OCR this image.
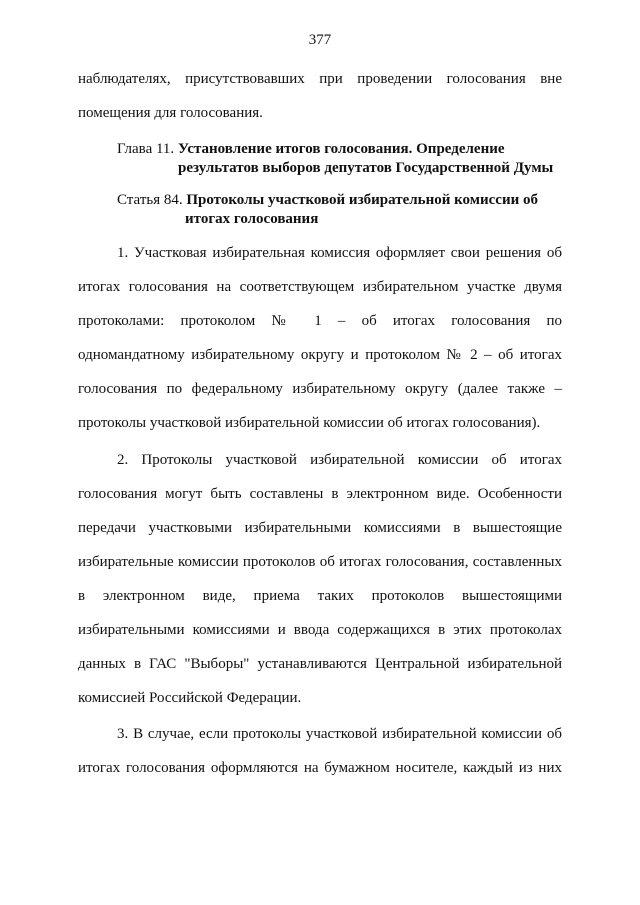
377
наблюдателях, присутствовавших при проведении голосования вне
помещения для голосования.
Глава 11. Установление итогов голосования. Определение
результатов выборов депутатов Государственной Думы
Статья 84. Протоколы участковой избирательной комиссии об
итогах голосования
1. Участковая избирательная комиссия оформляет свои решения об
итогах голосования на соответствующем избирательном участке двумя
протоколами: протоколом № 1 – об итогах голосования по
одномандатному избирательному округу и протоколом № 2 – об итогах
голосования по федеральному избирательному округу (далее также –
протоколы участковой избирательной комиссии об итогах голосования).
2. Протоколы участковой избирательной комиссии об итогах
голосования могут быть составлены в электронном виде. Особенности
передачи участковыми избирательными комиссиями в вышестоящие
избирательные комиссии протоколов об итогах голосования, составленных
в электронном виде, приема таких протоколов вышестоящими
избирательными комиссиями и ввода содержащихся в этих протоколах
данных в ГАС "Выборы" устанавливаются Центральной избирательной
комиссией Российской Федерации.
3. В случае, если протоколы участковой избирательной комиссии об
итогах голосования оформляются на бумажном носителе, каждый из них
